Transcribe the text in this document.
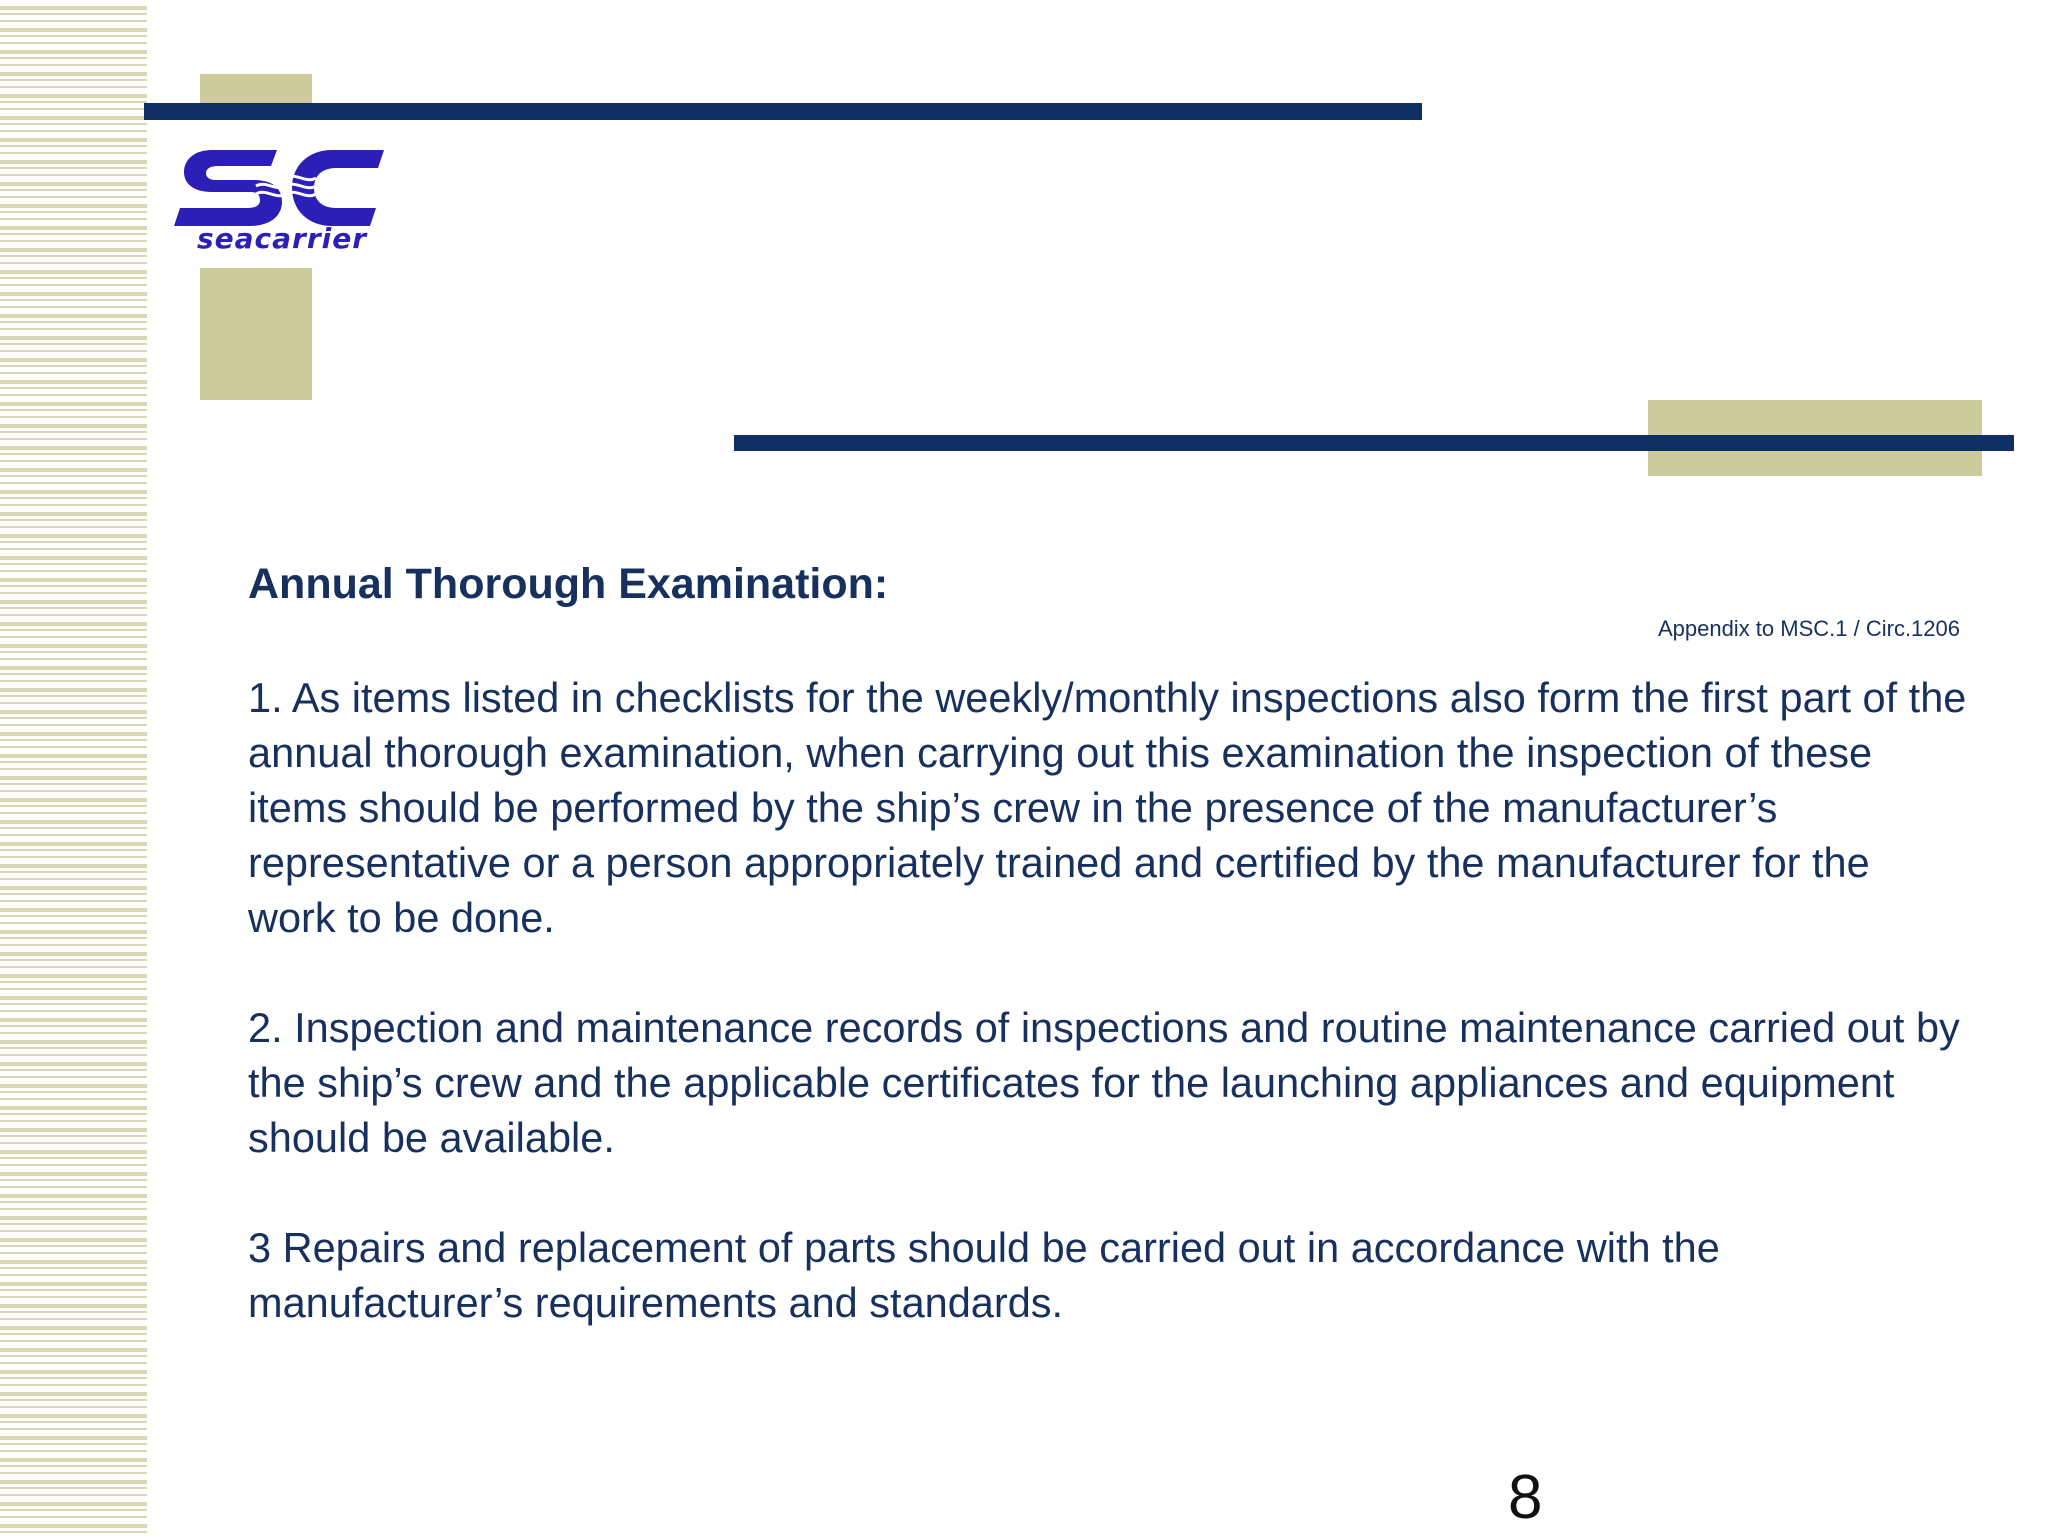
seacarrier
Annual Thorough Examination:

Appendix to MSC.1 / Circ.1206

1. As items listed in checklists for the weekly/monthly inspections also form the first part of the annual thorough examination, when carrying out this examination the inspection of these items should be performed by the ship’s crew in the presence of the manufacturer’s representative or a person appropriately trained and certified by the manufacturer for the work to be done.

2. Inspection and maintenance records of inspections and routine maintenance carried out by the ship’s crew and the applicable certificates for the launching appliances and equipment should be available.

3 Repairs and replacement of parts should be carried out in accordance with the manufacturer’s requirements and standards.

8
